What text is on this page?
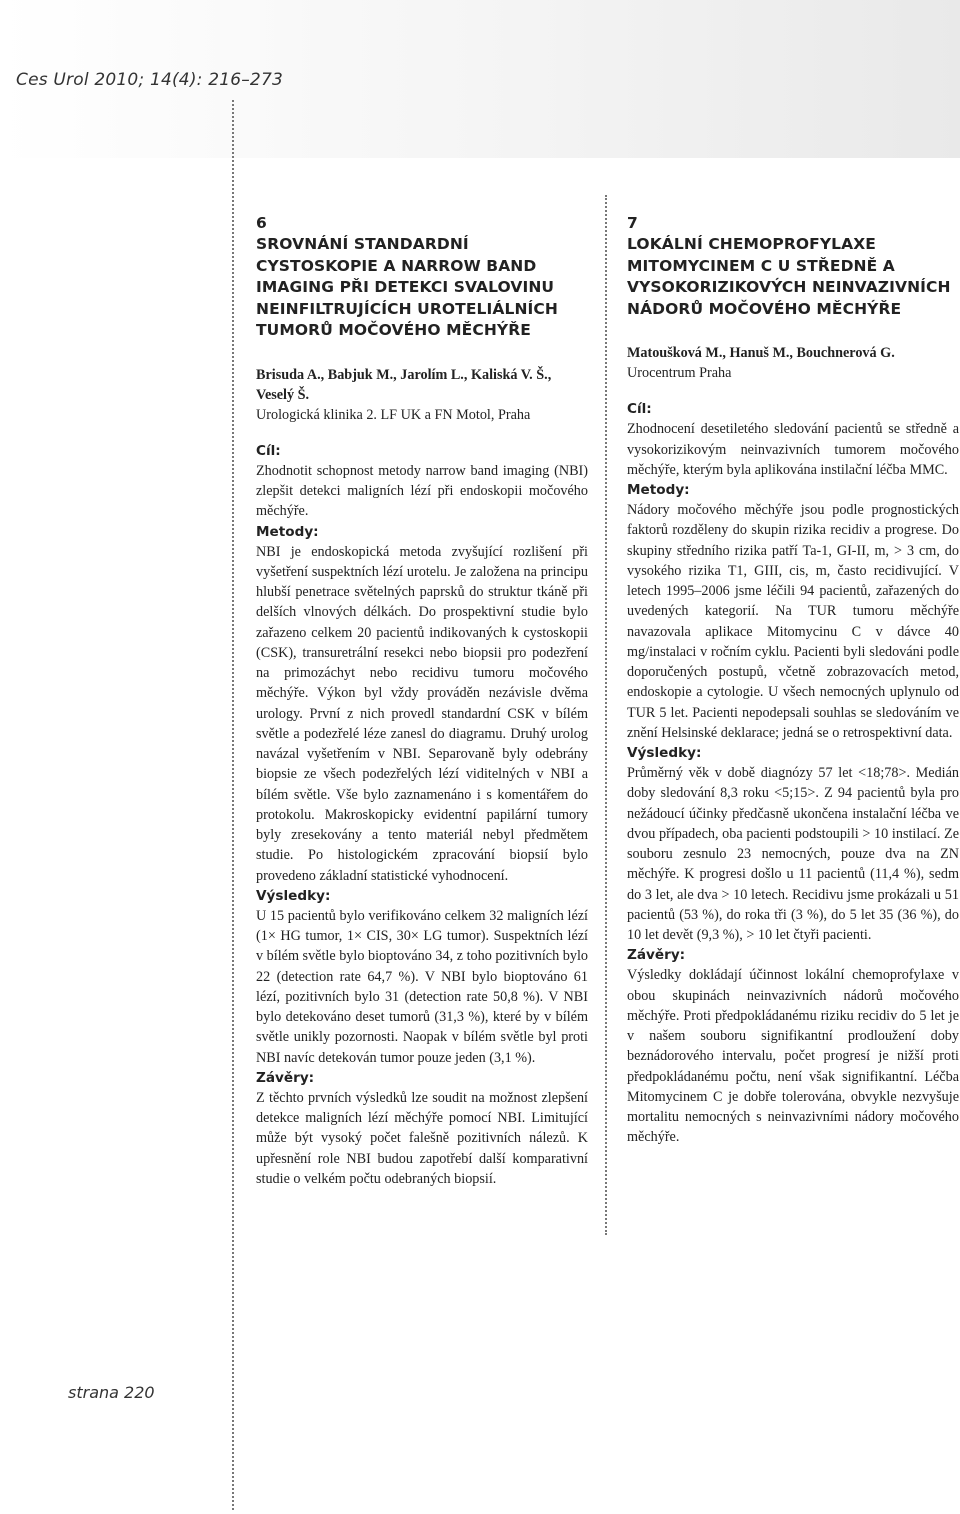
Ces Urol 2010; 14(4): 216–273
6
SROVNÁNÍ STANDARDNÍ CYSTOSKOPIE A NARROW BAND IMAGING PŘI DETEKCI SVALOVINU NEINFILTRUJÍCÍCH UROTELIÁLNÍCH TUMORŮ MOČOVÉHO MĚCHÝŘE
Brisuda A., Babjuk M., Jarolím L., Kaliská V. Š., Veselý Š.
Urologická klinika 2. LF UK a FN Motol, Praha
Cíl:

Zhodnotit schopnost metody narrow band imaging (NBI) zlepšit detekci maligních lézí při endoskopii močového měchýře.

Metody:

NBI je endoskopická metoda zvyšující rozlišení při vyšetření suspektních lézí urotelu. Je založena na principu hlubší penetrace světelných paprsků do struktur tkáně při delších vlnových délkách. Do prospektivní studie bylo zařazeno celkem 20 pacientů indikovaných k cystoskopii (CSK), transuretrální resekci nebo biopsii pro podezření na primozáchyt nebo recidivu tumoru močového měchýře. Výkon byl vždy prováděn nezávisle dvěma urology. První z nich provedl standardní CSK v bílém světle a podezřelé léze zanesl do diagramu. Druhý urolog navázal vyšetřením v NBI. Separovaně byly odebrány biopsie ze všech podezřelých lézí viditelných v NBI a bílém světle. Vše bylo zaznamenáno i s komentářem do protokolu. Makroskopicky evidentní papilární tumory byly zresekovány a tento materiál nebyl předmětem studie. Po histologickém zpracování biopsií bylo provedeno základní statistické vyhodnocení.

Výsledky:

U 15 pacientů bylo verifikováno celkem 32 maligních lézí (1× HG tumor, 1× CIS, 30× LG tumor). Suspektních lézí v bílém světle bylo bioptováno 34, z toho pozitivních bylo 22 (detection rate 64,7 %). V NBI bylo bioptováno 61 lézí, pozitivních bylo 31 (detection rate 50,8 %). V NBI bylo detekováno deset tumorů (31,3 %), které by v bílém světle unikly pozornosti. Naopak v bílém světle byl proti NBI navíc detekován tumor pouze jeden (3,1 %).

Závěry:

Z těchto prvních výsledků lze soudit na možnost zlepšení detekce maligních lézí měchýře pomocí NBI. Limitující může být vysoký počet falešně pozitivních nálezů. K upřesnění role NBI budou zapotřebí další komparativní studie o velkém počtu odebraných biopsií.

7
LOKÁLNÍ CHEMOPROFYLAXE MITOMYCINEM C U STŘEDNĚ A VYSOKORIZIKOVÝCH NEINVAZIVNÍCH NÁDORŮ MOČOVÉHO MĚCHÝŘE
Matoušková M., Hanuš M., Bouchnerová G.
Urocentrum Praha
Cíl:

Zhodnocení desetiletého sledování pacientů se středně a vysokorizikovým neinvazivních tumorem močového měchýře, kterým byla aplikována instilační léčba MMC.

Metody:

Nádory močového měchýře jsou podle prognostických faktorů rozděleny do skupin rizika recidiv a progrese. Do skupiny středního rizika patří Ta-1, GI-II, m, > 3 cm, do vysokého rizika T1, GIII, cis, m, často recidivující. V letech 1995–2006 jsme léčili 94 pacientů, zařazených do uvedených kategorií. Na TUR tumoru měchýře navazovala aplikace Mitomycinu C v dávce 40 mg/instalaci v ročním cyklu. Pacienti byli sledováni podle doporučených postupů, včetně zobrazovacích metod, endoskopie a cytologie. U všech nemocných uplynulo od TUR 5 let. Pacienti nepodepsali souhlas se sledováním ve znění Helsinské deklarace; jedná se o retrospektivní data.

Výsledky:

Průměrný věk v době diagnózy 57 let <18;78>. Medián doby sledování 8,3 roku <5;15>. Z 94 pacientů byla pro nežádoucí účinky předčasně ukončena instalační léčba ve dvou případech, oba pacienti podstoupili > 10 instilací. Ze souboru zesnulo 23 nemocných, pouze dva na ZN měchýře. K progresi došlo u 11 pacientů (11,4 %), sedm do 3 let, ale dva > 10 letech. Recidivu jsme prokázali u 51 pacientů (53 %), do roka tři (3 %), do 5 let 35 (36 %), do 10 let devět (9,3 %), > 10 let čtyři pacienti.

Závěry:

Výsledky dokládají účinnost lokální chemoprofylaxe v obou skupinách neinvazivních nádorů močového měchýře. Proti předpokládanému riziku recidiv do 5 let je v našem souboru signifikantní prodloužení doby beznádorového intervalu, počet progresí je nižší proti předpokládanému počtu, není však signifikantní. Léčba Mitomycinem C je dobře tolerována, obvykle nezvyšuje mortalitu nemocných s neinvazivními nádory močového měchýře.

strana 220
